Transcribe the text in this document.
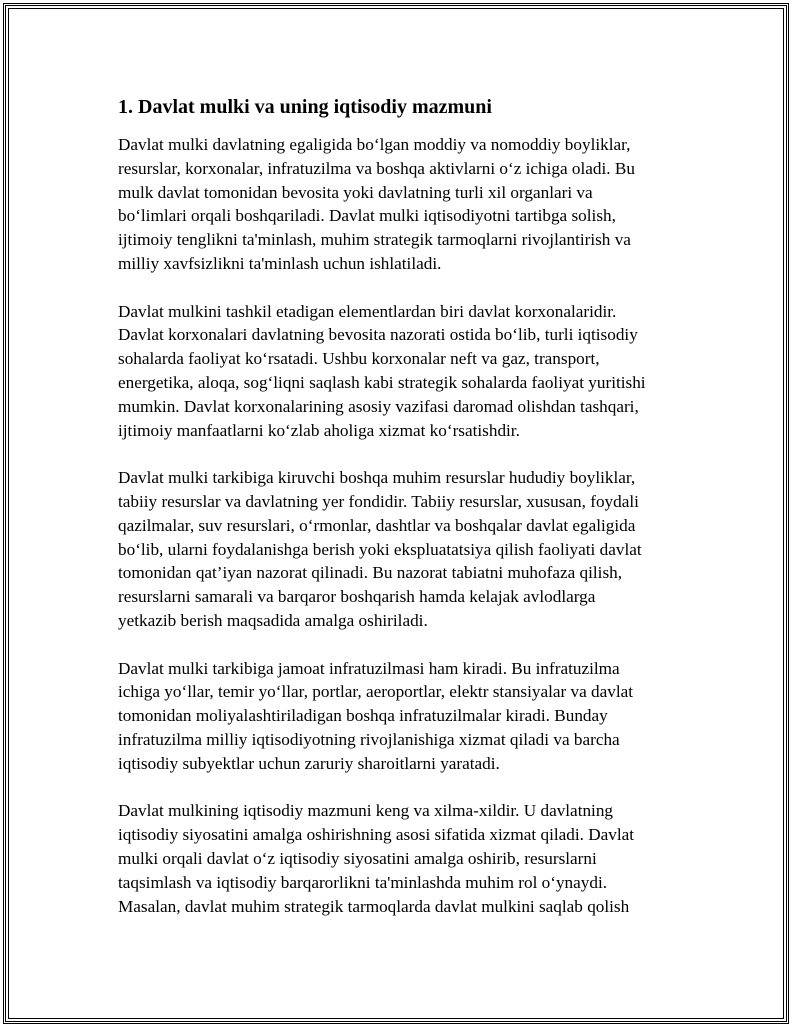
1. Davlat mulki va uning iqtisodiy mazmuni

Davlat mulki davlatning egaligida bo‘lgan moddiy va nomoddiy boyliklar,
resurslar, korxonalar, infratuzilma va boshqa aktivlarni o‘z ichiga oladi. Bu
mulk davlat tomonidan bevosita yoki davlatning turli xil organlari va
bo‘limlari orqali boshqariladi. Davlat mulki iqtisodiyotni tartibga solish,
ijtimoiy tenglikni ta'minlash, muhim strategik tarmoqlarni rivojlantirish va
milliy xavfsizlikni ta'minlash uchun ishlatiladi.

Davlat mulkini tashkil etadigan elementlardan biri davlat korxonalaridir.
Davlat korxonalari davlatning bevosita nazorati ostida bo‘lib, turli iqtisodiy
sohalarda faoliyat ko‘rsatadi. Ushbu korxonalar neft va gaz, transport,
energetika, aloqa, sog‘liqni saqlash kabi strategik sohalarda faoliyat yuritishi
mumkin. Davlat korxonalarining asosiy vazifasi daromad olishdan tashqari,
ijtimoiy manfaatlarni ko‘zlab aholiga xizmat ko‘rsatishdir.

Davlat mulki tarkibiga kiruvchi boshqa muhim resurslar hududiy boyliklar,
tabiiy resurslar va davlatning yer fondidir. Tabiiy resurslar, xususan, foydali
qazilmalar, suv resurslari, o‘rmonlar, dashtlar va boshqalar davlat egaligida
bo‘lib, ularni foydalanishga berish yoki ekspluatatsiya qilish faoliyati davlat
tomonidan qat’iyan nazorat qilinadi. Bu nazorat tabiatni muhofaza qilish,
resurslarni samarali va barqaror boshqarish hamda kelajak avlodlarga
yetkazib berish maqsadida amalga oshiriladi.

Davlat mulki tarkibiga jamoat infratuzilmasi ham kiradi. Bu infratuzilma
ichiga yo‘llar, temir yo‘llar, portlar, aeroportlar, elektr stansiyalar va davlat
tomonidan moliyalashtiriladigan boshqa infratuzilmalar kiradi. Bunday
infratuzilma milliy iqtisodiyotning rivojlanishiga xizmat qiladi va barcha
iqtisodiy subyektlar uchun zaruriy sharoitlarni yaratadi.

Davlat mulkining iqtisodiy mazmuni keng va xilma-xildir. U davlatning
iqtisodiy siyosatini amalga oshirishning asosi sifatida xizmat qiladi. Davlat
mulki orqali davlat o‘z iqtisodiy siyosatini amalga oshirib, resurslarni
taqsimlash va iqtisodiy barqarorlikni ta'minlashda muhim rol o‘ynaydi.
Masalan, davlat muhim strategik tarmoqlarda davlat mulkini saqlab qolish
